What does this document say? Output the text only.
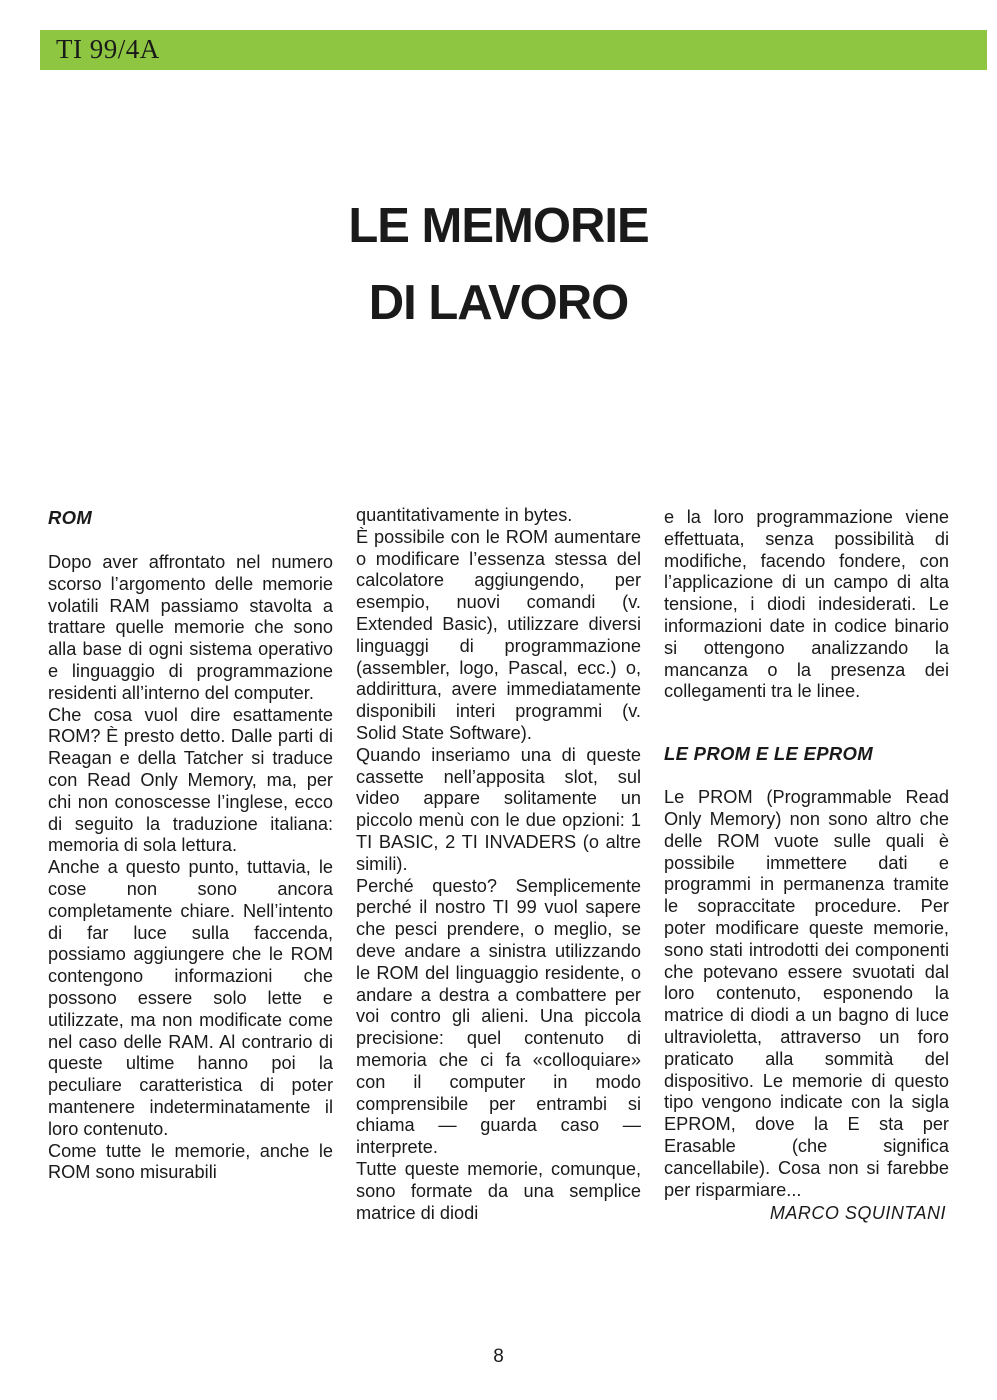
TI 99/4A
LE MEMORIE
DI LAVORO
ROM

Dopo aver affrontato nel numero scorso l’argomento delle memorie volatili RAM passiamo stavolta a trattare quelle memorie che sono alla base di ogni sistema operativo e linguaggio di programmazione residenti all’interno del computer.
Che cosa vuol dire esattamente ROM? È presto detto. Dalle parti di Reagan e della Tatcher si traduce con Read Only Memory, ma, per chi non conoscesse l’inglese, ecco di seguito la traduzione italiana: memoria di sola lettura.
Anche a questo punto, tuttavia, le cose non sono ancora completamente chiare. Nell’intento di far luce sulla faccenda, possiamo aggiungere che le ROM contengono informazioni che possono essere solo lette e utilizzate, ma non modificate come nel caso delle RAM. Al contrario di queste ultime hanno poi la peculiare caratteristica di poter mantenere indeterminatamente il loro contenuto.
Come tutte le memorie, anche le ROM sono misurabili

quantitativamente in bytes.
È possibile con le ROM aumentare o modificare l’essenza stessa del calcolatore aggiungendo, per esempio, nuovi comandi (v. Extended Basic), utilizzare diversi linguaggi di programmazione (assembler, logo, Pascal, ecc.) o, addirittura, avere immediatamente disponibili interi programmi (v. Solid State Software).
Quando inseriamo una di queste cassette nell’apposita slot, sul video appare solitamente un piccolo menù con le due opzioni: 1 TI BASIC, 2 TI INVADERS (o altre simili).
Perché questo? Semplicemente perché il nostro TI 99 vuol sapere che pesci prendere, o meglio, se deve andare a sinistra utilizzando le ROM del linguaggio residente, o andare a destra a combattere per voi contro gli alieni. Una piccola precisione: quel contenuto di memoria che ci fa «colloquiare» con il computer in modo comprensibile per entrambi si chiama — guarda caso — interprete.
Tutte queste memorie, comunque, sono formate da una semplice matrice di diodi

e la loro programmazione viene effettuata, senza possibilità di modifiche, facendo fondere, con l’applicazione di un campo di alta tensione, i diodi indesiderati. Le informazioni date in codice binario si ottengono analizzando la mancanza o la presenza dei collegamenti tra le linee.

LE PROM E LE EPROM

Le PROM (Programmable Read Only Memory) non sono altro che delle ROM vuote sulle quali è possibile immettere dati e programmi in permanenza tramite le sopraccitate procedure. Per poter modificare queste memorie, sono stati introdotti dei componenti che potevano essere svuotati dal loro contenuto, esponendo la matrice di diodi a un bagno di luce ultravioletta, attraverso un foro praticato alla sommità del dispositivo. Le memorie di questo tipo vengono indicate con la sigla EPROM, dove la E sta per Erasable (che significa cancellabile). Cosa non si farebbe per risparmiare...

MARCO SQUINTANI
8
